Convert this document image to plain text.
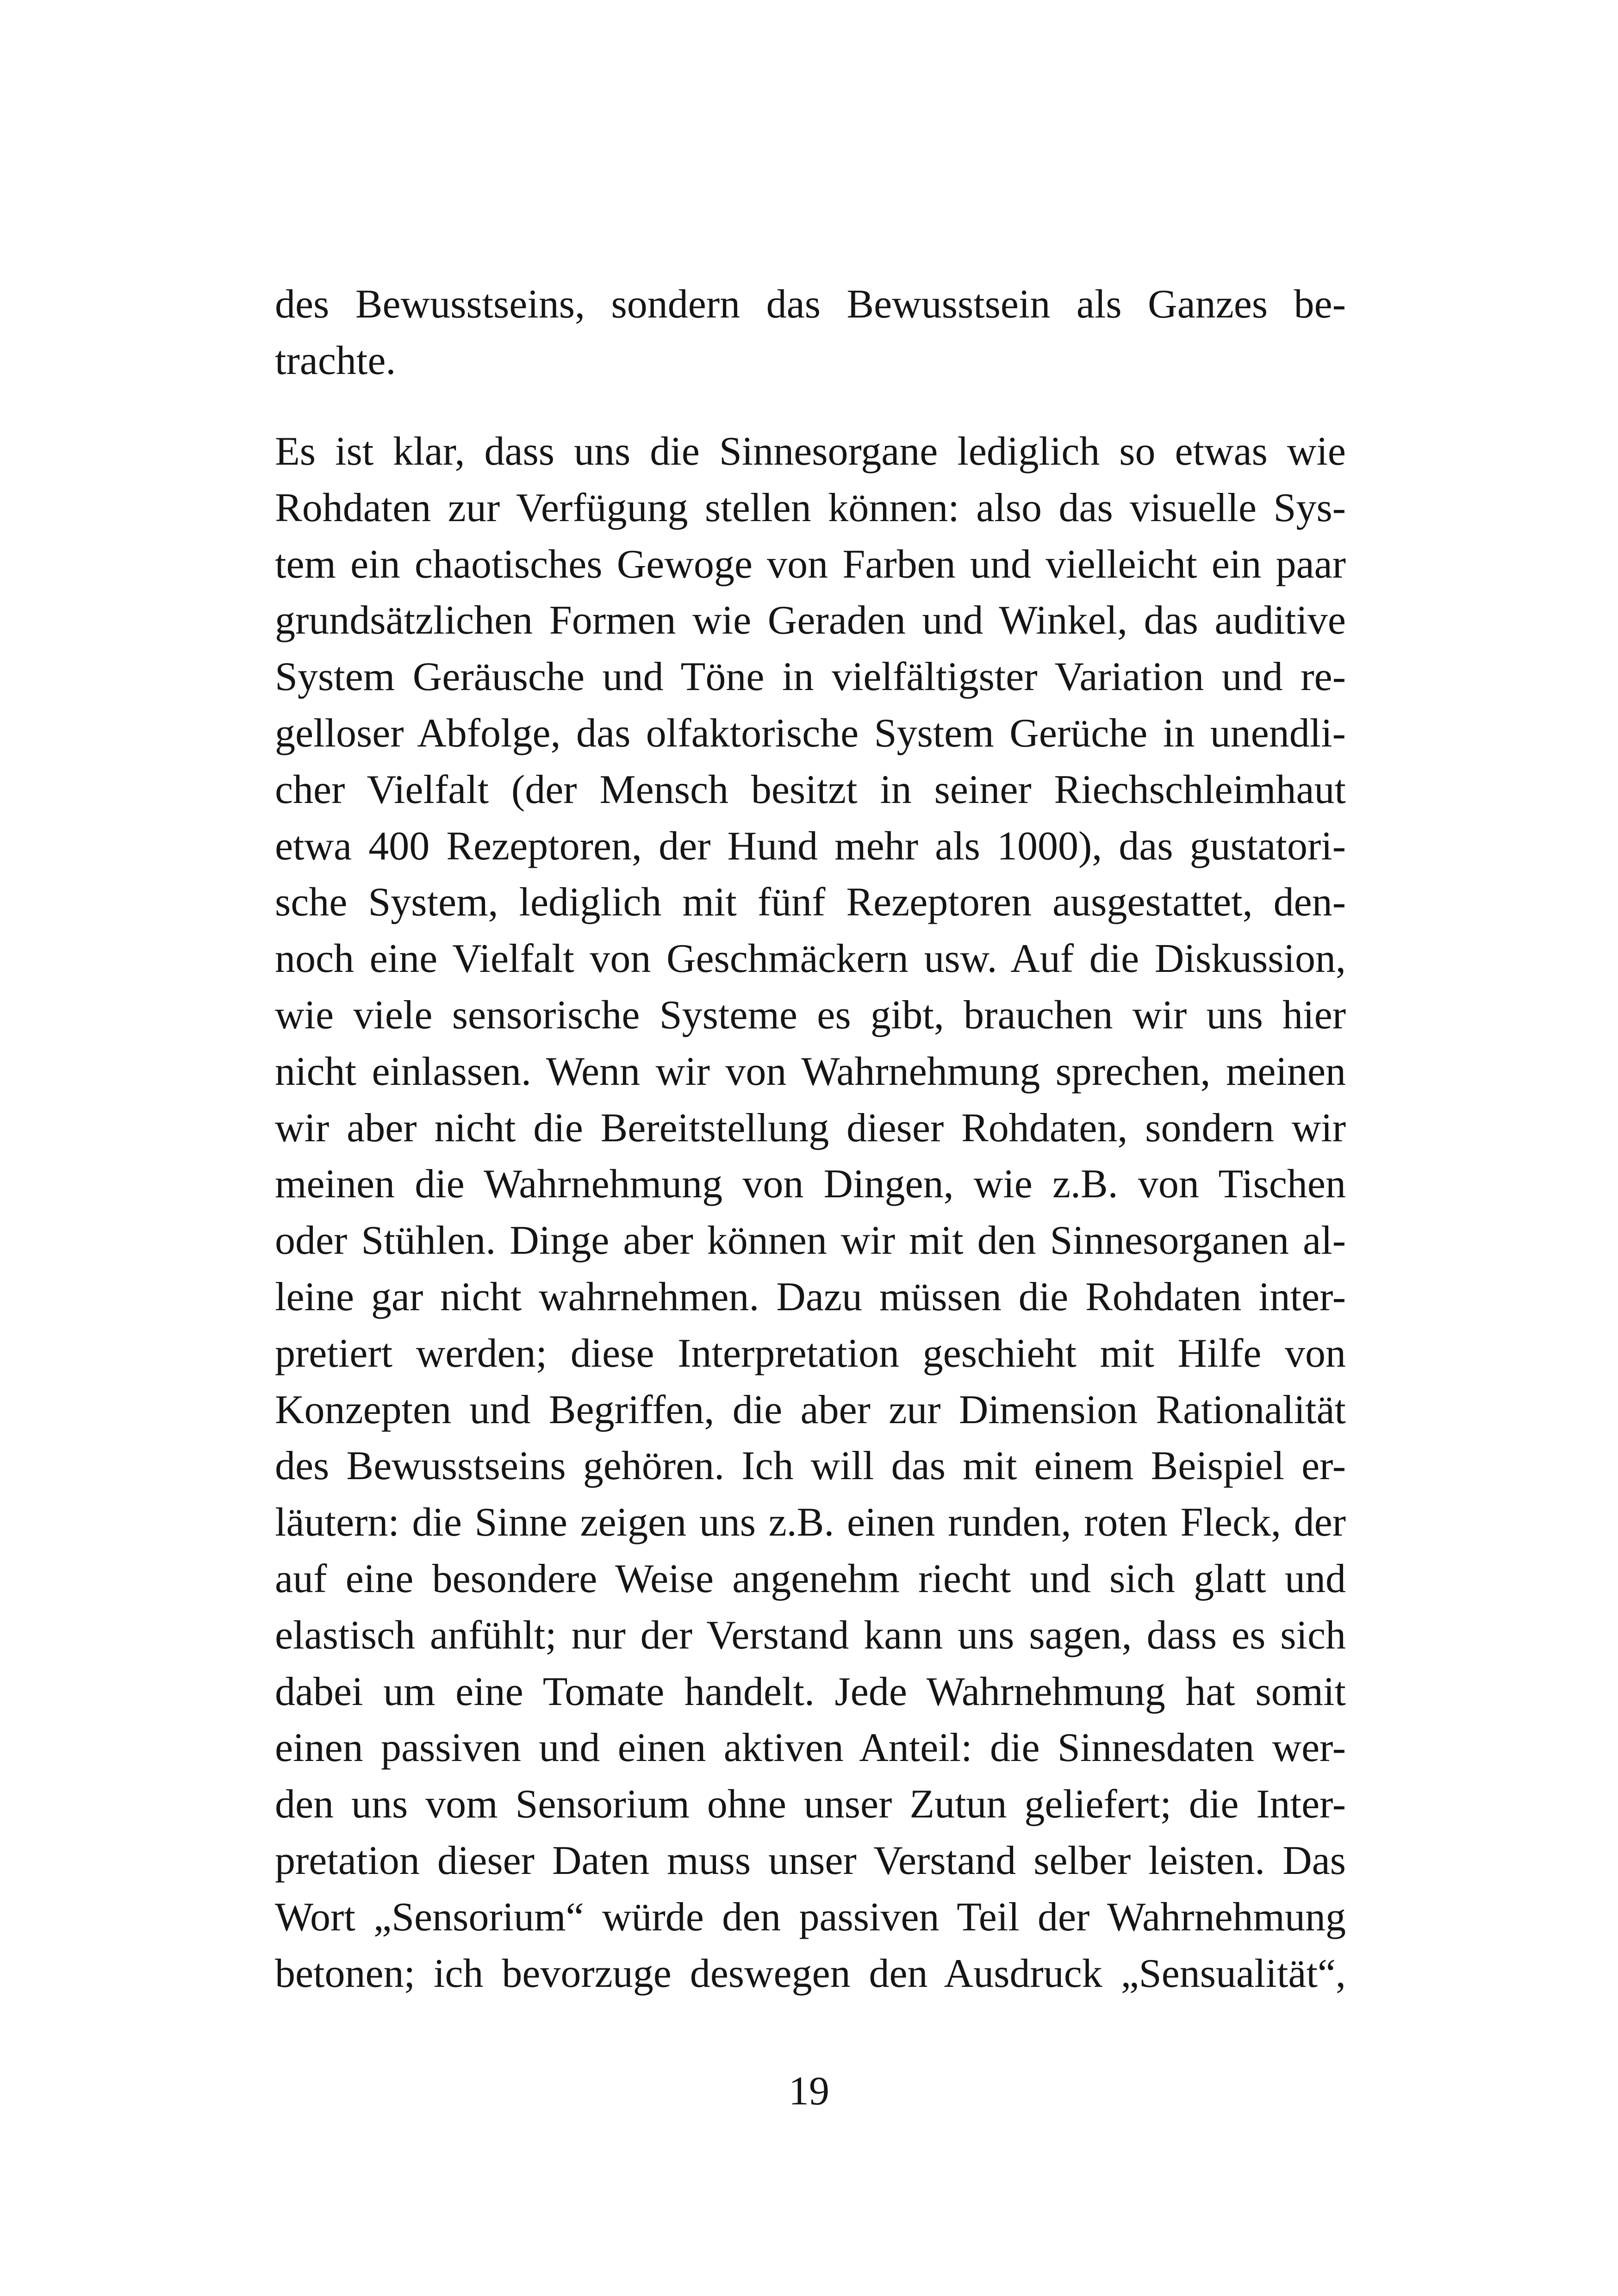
des Bewusstseins, sondern das Bewusstsein als Ganzes be-
trachte.
Es ist klar, dass uns die Sinnesorgane lediglich so etwas wie
Rohdaten zur Verfügung stellen können: also das visuelle Sys-
tem ein chaotisches Gewoge von Farben und vielleicht ein paar
grundsätzlichen Formen wie Geraden und Winkel, das auditive
System Geräusche und Töne in vielfältigster Variation und re-
gelloser Abfolge, das olfaktorische System Gerüche in unendli-
cher Vielfalt (der Mensch besitzt in seiner Riechschleimhaut
etwa 400 Rezeptoren, der Hund mehr als 1000), das gustatori-
sche System, lediglich mit fünf Rezeptoren ausgestattet, den-
noch eine Vielfalt von Geschmäckern usw. Auf die Diskussion,
wie viele sensorische Systeme es gibt, brauchen wir uns hier
nicht einlassen. Wenn wir von Wahrnehmung sprechen, meinen
wir aber nicht die Bereitstellung dieser Rohdaten, sondern wir
meinen die Wahrnehmung von Dingen, wie z.B. von Tischen
oder Stühlen. Dinge aber können wir mit den Sinnesorganen al-
leine gar nicht wahrnehmen. Dazu müssen die Rohdaten inter-
pretiert werden; diese Interpretation geschieht mit Hilfe von
Konzepten und Begriffen, die aber zur Dimension Rationalität
des Bewusstseins gehören. Ich will das mit einem Beispiel er-
läutern: die Sinne zeigen uns z.B. einen runden, roten Fleck, der
auf eine besondere Weise angenehm riecht und sich glatt und
elastisch anfühlt; nur der Verstand kann uns sagen, dass es sich
dabei um eine Tomate handelt. Jede Wahrnehmung hat somit
einen passiven und einen aktiven Anteil: die Sinnesdaten wer-
den uns vom Sensorium ohne unser Zutun geliefert; die Inter-
pretation dieser Daten muss unser Verstand selber leisten. Das
Wort „Sensorium“ würde den passiven Teil der Wahrnehmung
betonen; ich bevorzuge deswegen den Ausdruck „Sensualität“,
19
